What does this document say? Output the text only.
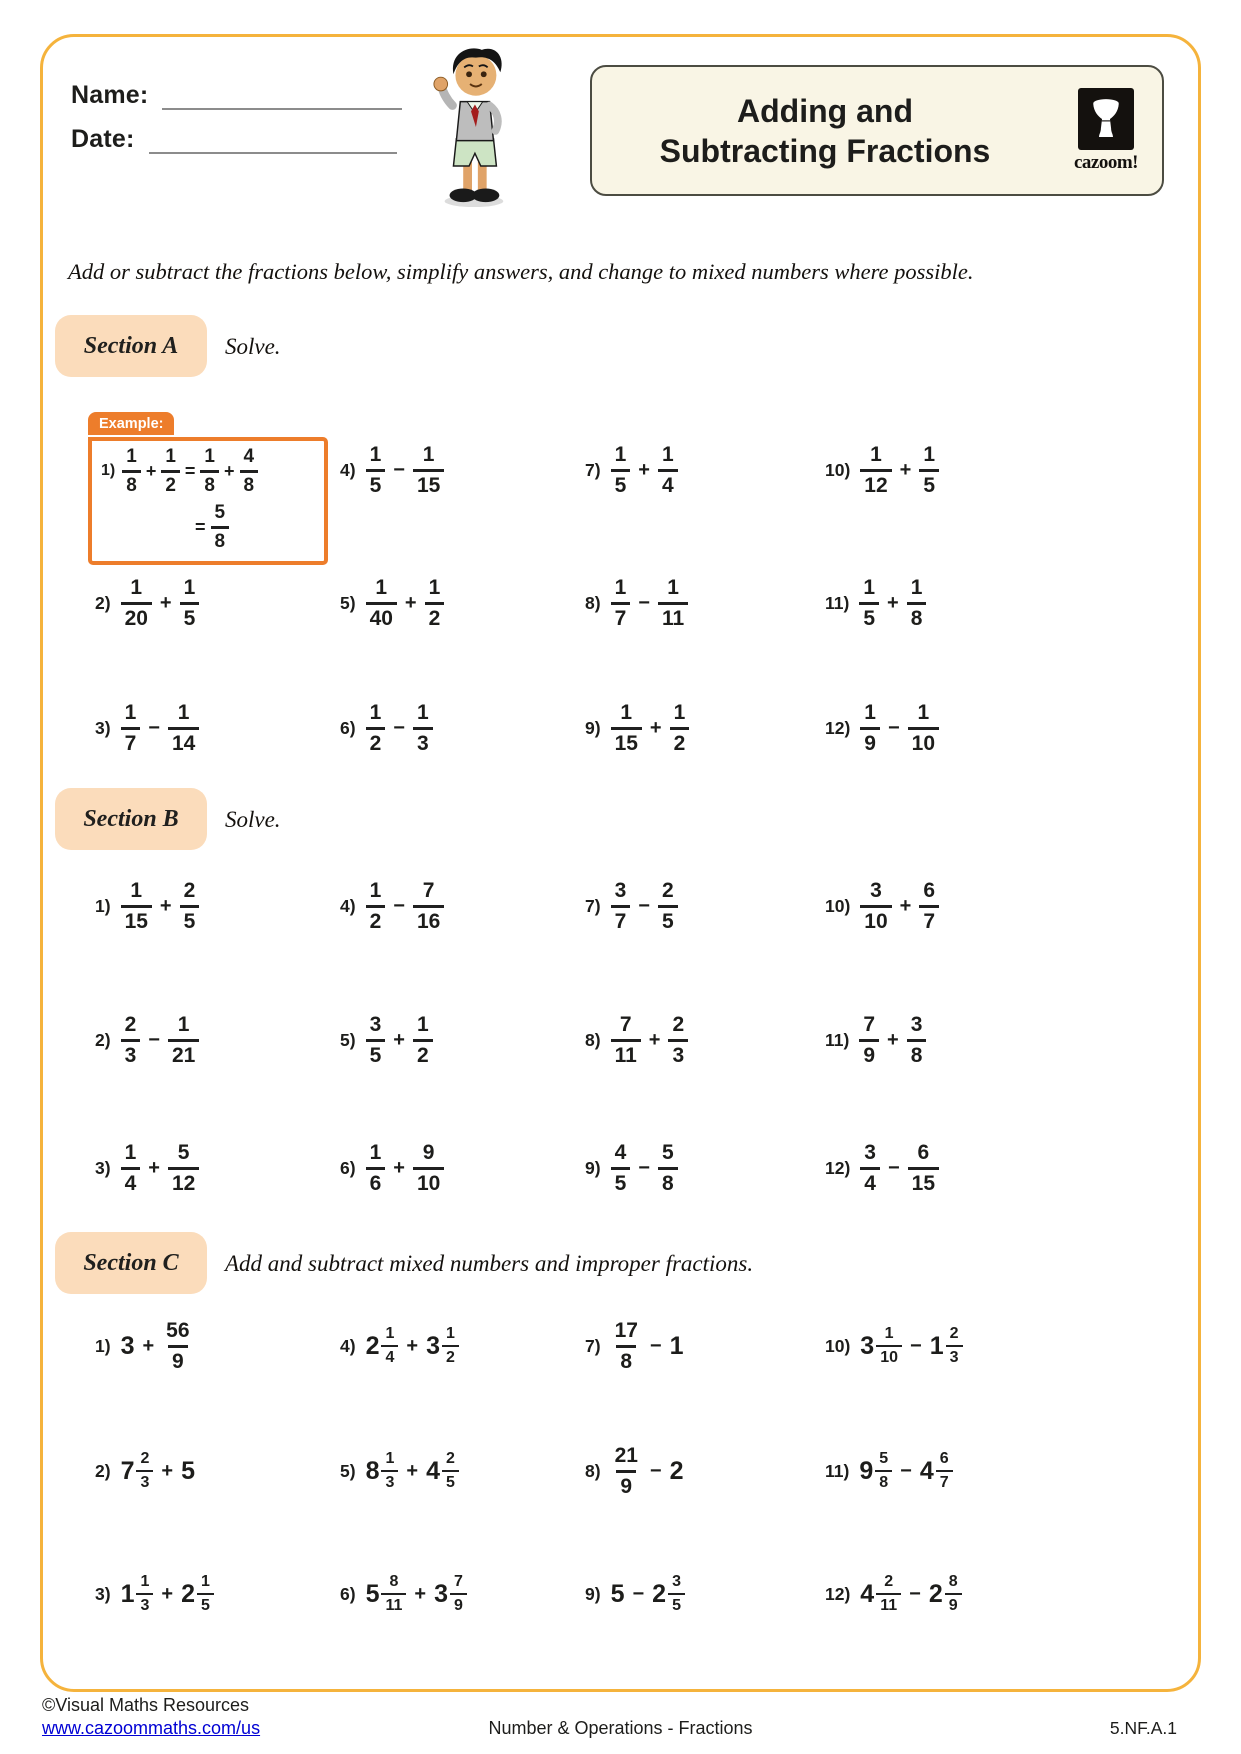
Name:
Date:
Adding and
Subtracting Fractions	cazoom!
Add or subtract the fractions below, simplify answers, and change to mixed numbers where possible.
Section A	Solve.
Section B	Solve.
Section C	Add and subtract mixed numbers and improper fractions.
Example:
$1) \frac{1}{8} + \frac{1}{2} = \frac{1}{8} + \frac{4}{8}$
= $\frac{5}{8}$
$2) \frac{1}{20} + \frac{1}{5}$
$3) \frac{1}{7} - \frac{1}{14}$
$4) \frac{1}{5} - \frac{1}{15}$
$5) \frac{1}{40} + \frac{1}{2}$
$6) \frac{1}{2} - \frac{1}{3}$
$7) \frac{1}{5} + \frac{1}{4}$
$8) \frac{1}{7} - \frac{1}{11}$
$9) \frac{1}{15} + \frac{1}{2}$
$10) \frac{1}{12} + \frac{1}{5}$
$11) \frac{1}{5} + \frac{1}{8}$
$12) \frac{1}{9} - \frac{1}{10}$
$1) \frac{1}{15} + \frac{2}{5}$
$2) \frac{2}{3} - \frac{1}{21}$
$3) \frac{1}{4} + \frac{5}{12}$
$4) \frac{1}{2} - \frac{7}{16}$
$5) \frac{3}{5} + \frac{1}{2}$
$6) \frac{1}{6} + \frac{9}{10}$
$7) \frac{3}{7} - \frac{2}{5}$
$8) \frac{7}{11} + \frac{2}{3}$
$9) \frac{4}{5} - \frac{5}{8}$
$10) \frac{3}{10} + \frac{6}{7}$
$11) \frac{7}{9} + \frac{3}{8}$
$12) \frac{3}{4} - \frac{6}{15}$
1) $3 + \frac{56}{9}$
2) $7 \frac{2}{3} + 5$
3) $1 \frac{1}{3} + 2 \frac{1}{5}$
4) $2 \frac{1}{4} + 3 \frac{1}{2}$
5) $8 \frac{1}{3} + 4 \frac{2}{5}$
6) $5 \frac{8}{11} + 3 \frac{7}{9}$
$7) \frac{17}{8} - 1$
$8) \frac{21}{9} - 2$
9) $5 - 2 \frac{3}{5}$
10) $3 \frac{1}{10} - 1 \frac{2}{3}$
11) $9 \frac{5}{8} - 4 \frac{6}{7}$
12) $4 \frac{2}{11} - 2 \frac{8}{9}$
©Visual Maths Resources
www.cazoommaths.com/us	Number & Operations - Fractions	5.NF.A.1
